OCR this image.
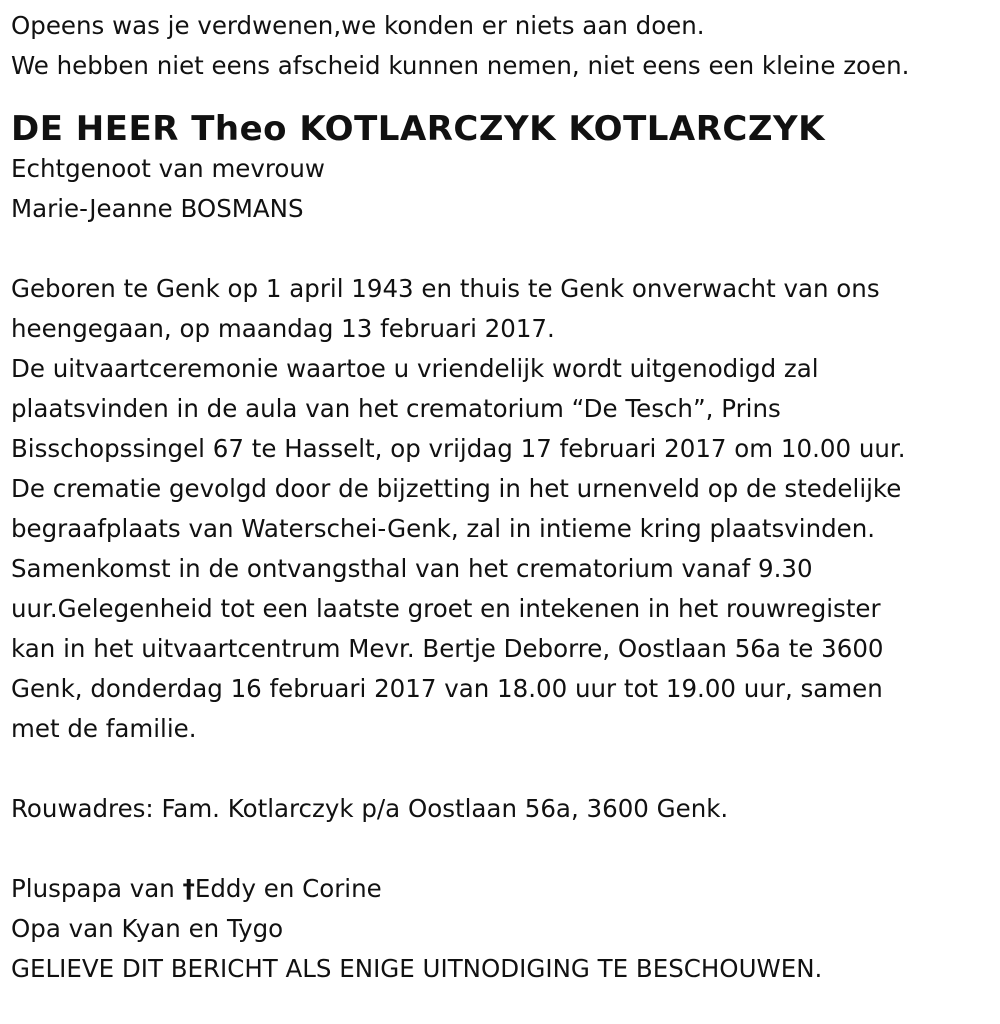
Opeens was je verdwenen,we konden er niets aan doen.
We hebben niet eens afscheid kunnen nemen, niet eens een kleine zoen.
DE HEER Theo KOTLARCZYK KOTLARCZYK
Echtgenoot van mevrouw
Marie-Jeanne BOSMANS
Geboren te Genk op 1 april 1943 en thuis te Genk onverwacht van ons
heengegaan, op maandag 13 februari 2017.
De uitvaartceremonie waartoe u vriendelijk wordt uitgenodigd zal
plaatsvinden in de aula van het crematorium “De Tesch”, Prins
Bisschopssingel 67 te Hasselt, op vrijdag 17 februari 2017 om 10.00 uur.
De crematie gevolgd door de bijzetting in het urnenveld op de stedelijke
begraafplaats van Waterschei-Genk, zal in intieme kring plaatsvinden.
Samenkomst in de ontvangsthal van het crematorium vanaf 9.30
uur.Gelegenheid tot een laatste groet en intekenen in het rouwregister
kan in het uitvaartcentrum Mevr. Bertje Deborre, Oostlaan 56a te 3600
Genk, donderdag 16 februari 2017 van 18.00 uur tot 19.00 uur, samen
met de familie.
Rouwadres: Fam. Kotlarczyk p/a Oostlaan 56a, 3600 Genk.
Pluspapa van †Eddy en Corine
Opa van Kyan en Tygo
GELIEVE DIT BERICHT ALS ENIGE UITNODIGING TE BESCHOUWEN.
